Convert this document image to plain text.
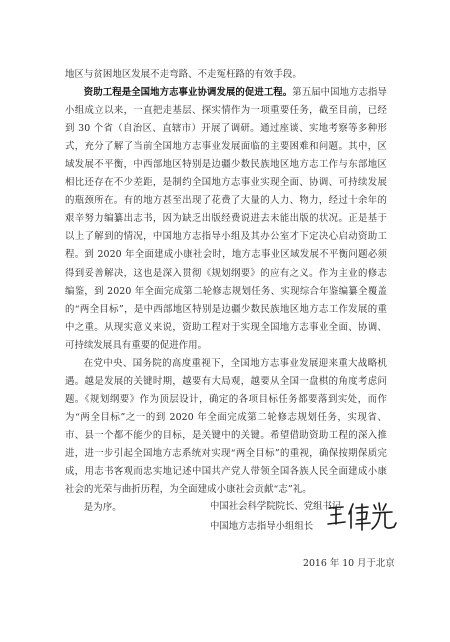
地区与贫困地区发展不走弯路、不走冤枉路的有效手段。

资助工程是全国地方志事业协调发展的促进工程。第五届中国地方志指导小组成立以来，一直把走基层、探实情作为一项重要任务，截至目前，已经到 30 个省（自治区、直辖市）开展了调研。通过座谈、实地考察等多种形式，充分了解了当前全国地方志事业发展面临的主要困难和问题。其中，区域发展不平衡，中西部地区特别是边疆少数民族地区地方志工作与东部地区相比还存在不少差距，是制约全国地方志事业实现全面、协调、可持续发展的瓶颈所在。有的地方甚至出现了花费了大量的人力、物力，经过十余年的艰辛努力编纂出志书，因为缺乏出版经费说进去未能出版的状况。正是基于以上了解到的情况，中国地方志指导小组及其办公室才下定决心启动资助工程。到 2020 年全面建成小康社会时，地方志事业区域发展不平衡问题必须得到妥善解决，这也是深入贯彻《规划纲要》的应有之义。作为主业的修志编鉴，到 2020 年全面完成第二轮修志规划任务、实现综合年鉴编纂全覆盖的“两全目标”，是中西部地区特别是边疆少数民族地区地方志工作发展的重中之重。从现实意义来说，资助工程对于实现全国地方志事业全面、协调、可持续发展具有重要的促进作用。

在党中央、国务院的高度重视下，全国地方志事业发展迎来重大战略机遇。越是发展的关键时期，越要有大局观，越要从全国一盘棋的角度考虑问题。《规划纲要》作为顶层设计，确定的各项目标任务都要落到实处，而作为“两全目标”之一的到 2020 年全面完成第二轮修志规划任务，实现省、市、县一个都不能少的目标，是关键中的关键。希望借助资助工程的深入推进，进一步引起全国地方志系统对实现“两全目标”的重视，确保按期保质完成，用志书客观而忠实地记述中国共产党人带领全国各族人民全面建成小康社会的光荣与曲折历程，为全面建成小康社会贡献“志”礼。

是为序。	中国社会科学院院长、党组书记
中国地方志指导小组组长
2016 年 10 月于北京
